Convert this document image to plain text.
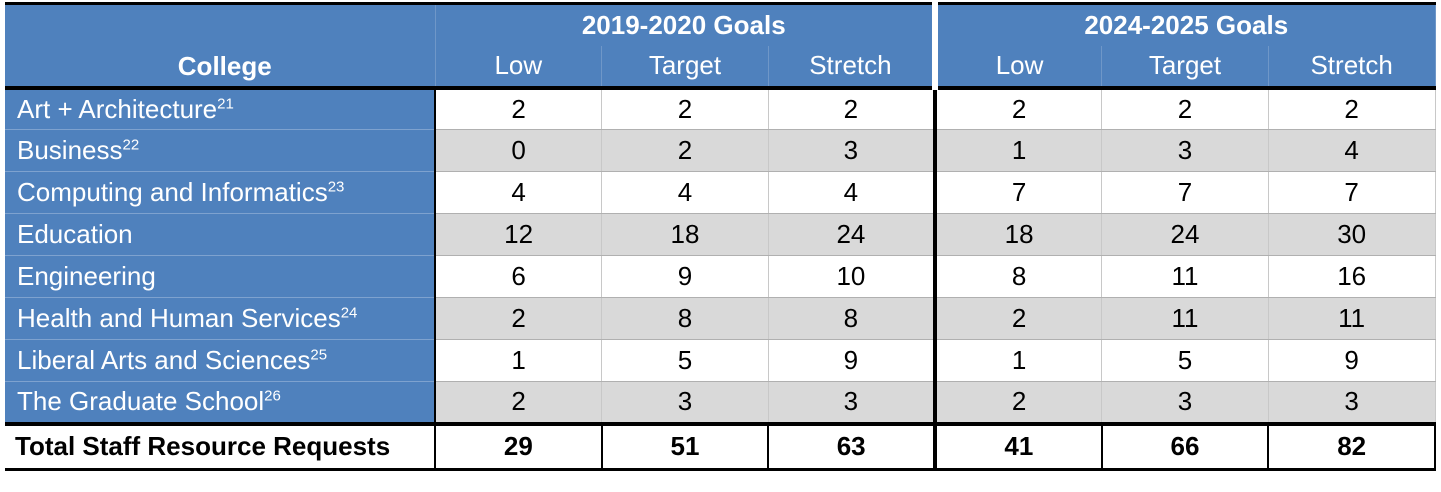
College	2019-2020 Goals			2024-2025 Goals		
	Low	Target	Stretch	Low	Target	Stretch
Art + Architecture$^{21}$	2	2	2	2	2	2
Business$^{22}$	0	2	3	1	3	4
Computing and Informatics$^{23}$	4	4	4	7	7	7
Education	12	18	24	18	24	30
Engineering	6	9	10	8	11	16
Health and Human Services$^{24}$	2	8	8	2	11	11
Liberal Arts and Sciences$^{25}$	1	5	9	1	5	9
The Graduate School$^{26}$	2	3	3	2	3	3
Total Staff Resource Requests	29	51	63	41	66	82
